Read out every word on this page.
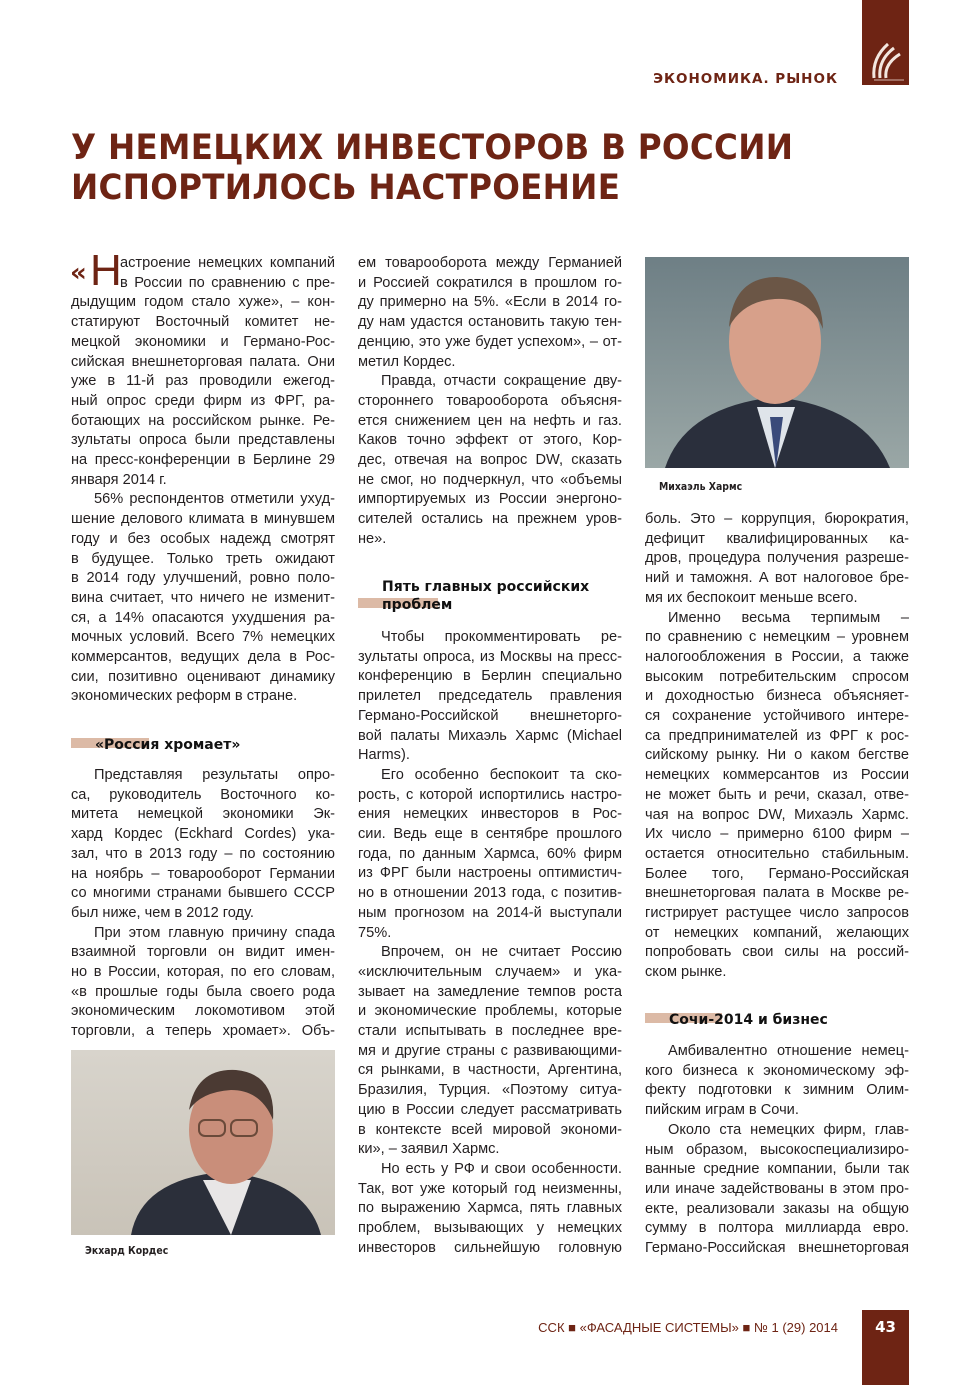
ЭКОНОМИКА. РЫНОК
У НЕМЕЦКИХ ИНВЕСТОРОВ В РОССИИ
ИСПОРТИЛОСЬ НАСТРОЕНИЕ
« Н
астроение немецких компаний
в России по сравнению с пре-
дыдущим годом стало хуже», – кон-
статируют Восточный комитет не-
мецкой экономики и Германо-Рос-
сийская внешнеторговая палата. Они
уже в 11-й раз проводили ежегод-
ный опрос среди фирм из ФРГ, ра-
ботающих на российском рынке. Ре-
зультаты опроса были представлены
на пресс-конференции в Берлине 29
января 2014 г.
56% респондентов отметили ухуд-
шение делового климата в минувшем
году и без особых надежд смотрят
в будущее. Только треть ожидают
в 2014 году улучшений, ровно поло-
вина считает, что ничего не изменит-
ся, а 14% опасаются ухудшения ра-
мочных условий. Всего 7% немецких
коммерсантов, ведущих дела в Рос-
сии, позитивно оценивают динамику
экономических реформ в стране.
«Россия хромает»
Представляя результаты опро-
са, руководитель Восточного ко-
митета немецкой экономики Эк-
хард Кордес (Eckhard Cordes) ука-
зал, что в 2013 году – по состоянию
на ноябрь – товарооборот Германии
со многими странами бывшего СССР
был ниже, чем в 2012 году.
При этом главную причину спада
взаимной торговли он видит имен-
но в России, которая, по его словам,
«в прошлые годы была своего рода
экономическим локомотивом этой
торговли, а теперь хромает». Объ-
Экхард Кордес
ем товарооборота между Германией
и Россией сократился в прошлом го-
ду примерно на 5%. «Если в 2014 го-
ду нам удастся остановить такую тен-
денцию, это уже будет успехом», – от-
метил Кордес.
Правда, отчасти сокращение дву-
стороннего товарооборота объясня-
ется снижением цен на нефть и газ.
Каков точно эффект от этого, Кор-
дес, отвечая на вопрос DW, сказать
не смог, но подчеркнул, что «объемы
импортируемых из России энергоно-
сителей остались на прежнем уров-
не».
Пять главных российских
проблем
Чтобы прокомментировать ре-
зультаты опроса, из Москвы на пресс-
конференцию в Берлин специально
прилетел председатель правления
Германо-Российской внешнеторго-
вой палаты Михаэль Хармс (Michael
Harms).
Его особенно беспокоит та ско-
рость, с которой испортились настро-
ения немецких инвесторов в Рос-
сии. Ведь еще в сентябре прошлого
года, по данным Хармса, 60% фирм
из ФРГ были настроены оптимистич-
но в отношении 2013 года, с позитив-
ным прогнозом на 2014-й выступали
75%.
Впрочем, он не считает Россию
«исключительным случаем» и ука-
зывает на замедление темпов роста
и экономические проблемы, которые
стали испытывать в последнее вре-
мя и другие страны с развивающими-
ся рынками, в частности, Аргентина,
Бразилия, Турция. «Поэтому ситуа-
цию в России следует рассматривать
в контексте всей мировой экономи-
ки», – заявил Хармс.
Но есть у РФ и свои особенности.
Так, вот уже который год неизменны,
по выражению Хармса, пять главных
проблем, вызывающих у немецких
инвесторов сильнейшую головную
Михаэль Хармс
боль. Это – коррупция, бюрократия,
дефицит квалифицированных ка-
дров, процедура получения разреше-
ний и таможня. А вот налоговое бре-
мя их беспокоит меньше всего.
Именно весьма терпимым –
по сравнению с немецким – уровнем
налогообложения в России, а также
высоким потребительским спросом
и доходностью бизнеса объясняет-
ся сохранение устойчивого интере-
са предпринимателей из ФРГ к рос-
сийскому рынку. Ни о каком бегстве
немецких коммерсантов из России
не может быть и речи, сказал, отве-
чая на вопрос DW, Михаэль Хармс.
Их число – примерно 6100 фирм –
остается относительно стабильным.
Более того, Германо-Российская
внешнеторговая палата в Москве ре-
гистрирует растущее число запросов
от немецких компаний, желающих
попробовать свои силы на россий-
ском рынке.
Сочи-2014 и бизнес
Амбивалентно отношение немец-
кого бизнеса к экономическому эф-
фекту подготовки к зимним Олим-
пийским играм в Сочи.
Около ста немецких фирм, глав-
ным образом, высокоспециализиро-
ванные средние компании, были так
или иначе задействованы в этом про-
екте, реализовали заказы на общую
сумму в полтора миллиарда евро.
Германо-Российская внешнеторговая
ССК ■ «ФАСАДНЫЕ СИСТЕМЫ» ■ № 1 (29) 2014	43
